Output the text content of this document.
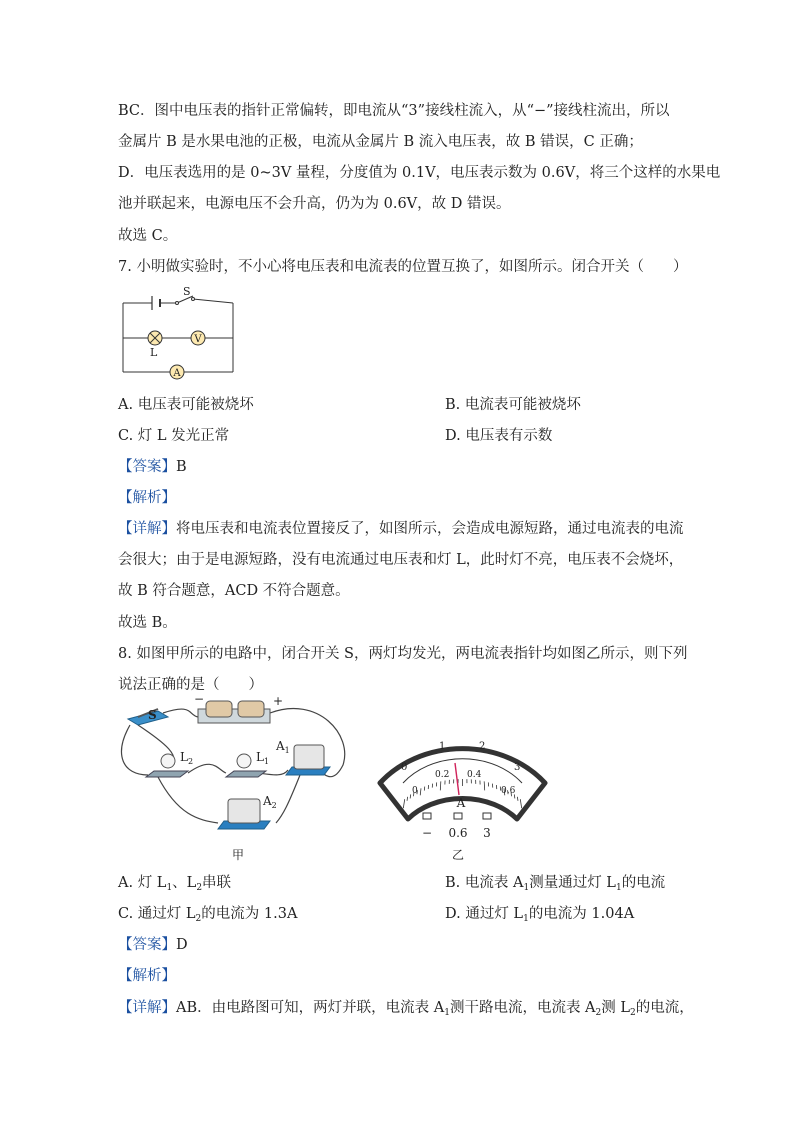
BC．图中电压表的指针正常偏转，即电流从“3”接线柱流入，从“−”接线柱流出，所以
金属片 B 是水果电池的正极，电流从金属片 B 流入电压表，故 B 错误，C 正确；
D．电压表选用的是 0~3V 量程，分度值为 0.1V，电压表示数为 0.6V，将三个这样的水果电
池并联起来，电源电压不会升高，仍为为 0.6V，故 D 错误。
故选 C。
7. 小明做实验时，不小心将电压表和电流表的位置互换了，如图所示。闭合开关（　　）
S
L
V
A
A. 电压表可能被烧坏	B. 电流表可能被烧坏
C. 灯 L 发光正常	D. 电压表有示数
【答案】B
【解析】
【详解】将电压表和电流表位置接反了，如图所示，会造成电源短路，通过电流表的电流
会很大；由于是电源短路，没有电流通过电压表和灯 L，此时灯不亮，电压表不会烧坏，
故 B 符合题意，ACD 不符合题意。
故选 B。
8. 如图甲所示的电路中，闭合开关 S，两灯均发光，两电流表指针均如图乙所示，则下列
说法正确的是（　　）
S
−	+
$L_2$	$L_1$
$A_1$
$A_2$
甲
0
1	2
3
0
0.2 0.4
0.6
A
− 0.6 3
乙
A. 灯 $L_1$、$L_2$串联	B. 电流表 $A_1$测量通过灯 $L_1$的电流
C. 通过灯 $L_2$的电流为 1.3A	D. 通过灯 $L_1$的电流为 1.04A
【答案】D
【解析】
【详解】AB．由电路图可知，两灯并联，电流表 $A_1$测干路电流，电流表 $A_2$测 $L_2$的电流，
